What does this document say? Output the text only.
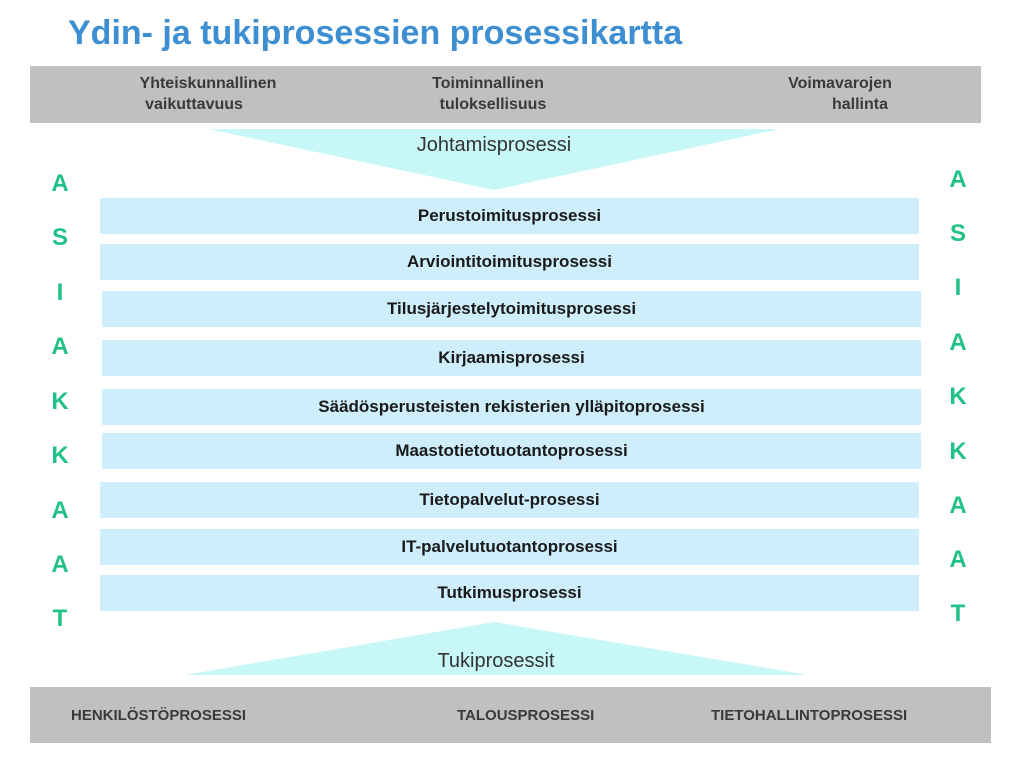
Ydin- ja tukiprosessien prosessikartta
Yhteiskunnallinen
vaikuttavuus
Toiminnallinen
tuloksellisuus
Voimavarojen
hallinta
Johtamisprosessi
Tukiprosessit
Perustoimitusprosessi
Arviointitoimitusprosessi
Tilusjärjestelytoimitusprosessi
Kirjaamisprosessi
Säädösperusteisten rekisterien ylläpitoprosessi
Maastotietotuotantoprosessi
Tietopalvelut-prosessi
IT-palvelutuotantoprosessi
Tutkimusprosessi
A
S
I
A
K
K
A
A
T
A
S
I
A
K
K
A
A
T
HENKILÖSTÖPROSESSI	TALOUSPROSESSI	TIETOHALLINTOPROSESSI
